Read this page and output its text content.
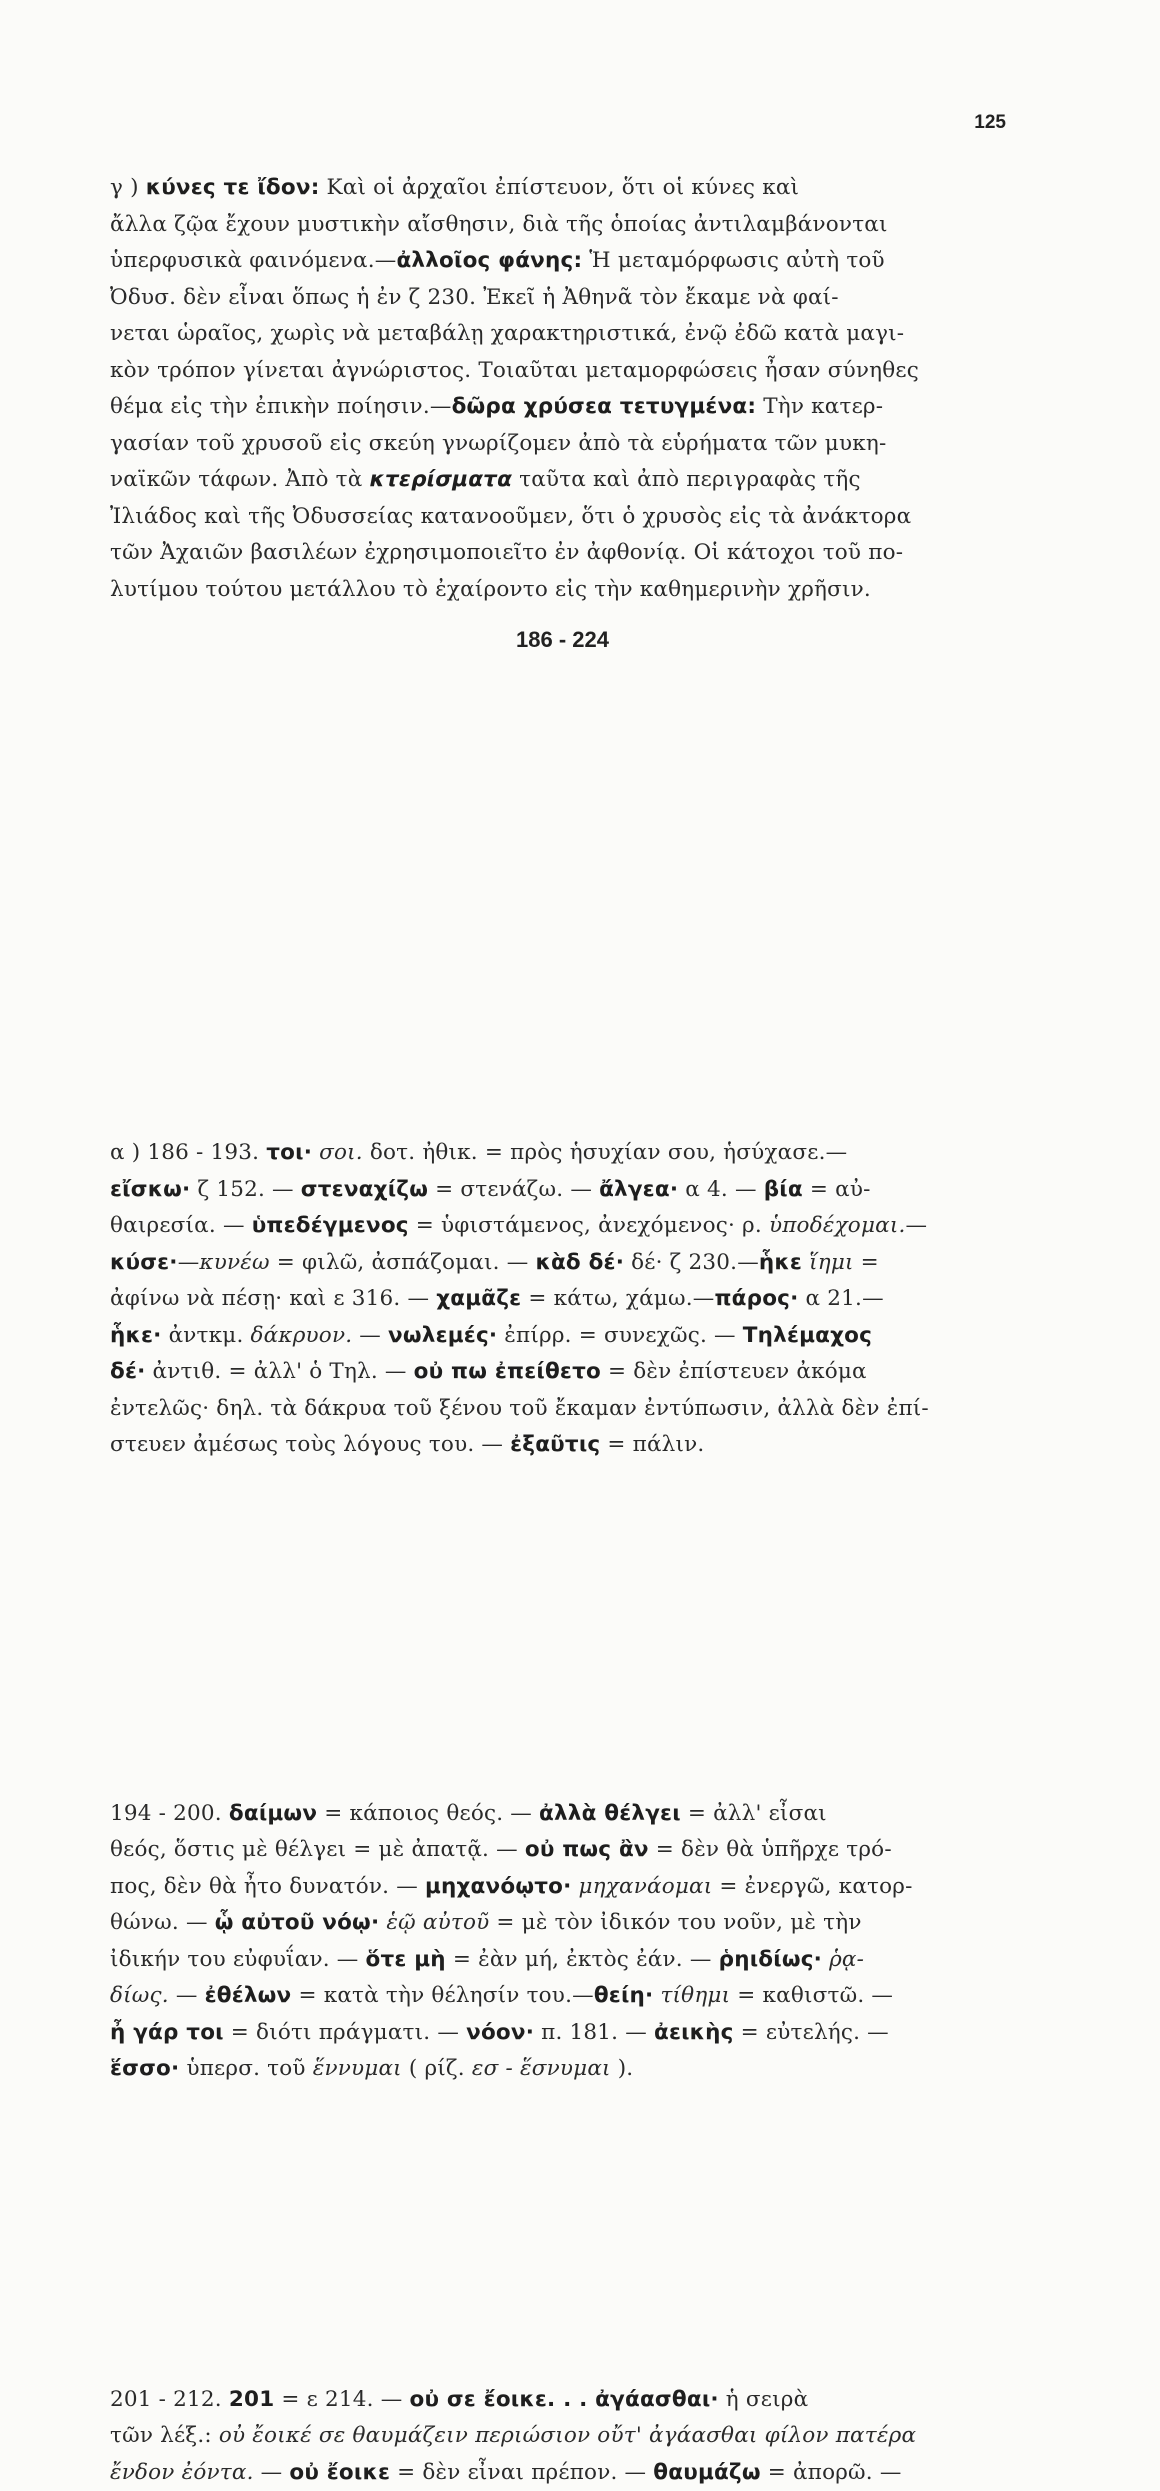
125
186 - 224
γ ) κύνες τε ἴδον: Καὶ οἱ ἀρχαῖοι ἐπίστευον, ὅτι οἱ κύνες καὶ
ἄλλα ζῷα ἔχουν μυστικὴν αἴσθησιν, διὰ τῆς ὁποίας ἀντιλαμβάνονται
ὑπερφυσικὰ φαινόμενα.—ἀλλοῖος φάνης: Ἡ μεταμόρφωσις αὐτὴ τοῦ
Ὀδυσ. δὲν εἶναι ὅπως ἡ ἐν ζ 230. Ἐκεῖ ἡ Ἀθηνᾶ τὸν ἔκαμε νὰ φαί-
νεται ὡραῖος, χωρὶς νὰ μεταβάλῃ χαρακτηριστικά, ἐνῷ ἐδῶ κατὰ μαγι-
κὸν τρόπον γίνεται ἀγνώριστος. Τοιαῦται μεταμορφώσεις ἦσαν σύνηθες
θέμα εἰς τὴν ἐπικὴν ποίησιν.—δῶρα χρύσεα τετυγμένα: Τὴν κατερ-
γασίαν τοῦ χρυσοῦ εἰς σκεύη γνωρίζομεν ἀπὸ τὰ εὑρήματα τῶν μυκη-
ναϊκῶν τάφων. Ἀπὸ τὰ κτερίσματα ταῦτα καὶ ἀπὸ περιγραφὰς τῆς
Ἰλιάδος καὶ τῆς Ὀδυσσείας κατανοοῦμεν, ὅτι ὁ χρυσὸς εἰς τὰ ἀνάκτορα
τῶν Ἀχαιῶν βασιλέων ἐχρησιμοποιεῖτο ἐν ἀφθονίᾳ. Οἱ κάτοχοι τοῦ πο-
λυτίμου τούτου μετάλλου τὸ ἐχαίροντο εἰς τὴν καθημερινὴν χρῆσιν.
α ) 186 - 193. τοι· σοι. δοτ. ἠθικ. = πρὸς ἡσυχίαν σου, ἡσύχασε.—
εἴσκω· ζ 152. — στεναχίζω = στενάζω. — ἄλγεα· α 4. — βία = αὐ-
θαιρεσία. — ὑπεδέγμενος = ὑφιστάμενος, ἀνεχόμενος· ρ. ὑποδέχομαι.—
κύσε·—κυνέω = φιλῶ, ἀσπάζομαι. — κὰδ δέ· δέ· ζ 230.—ἧκε ἵημι =
ἀφίνω νὰ πέσῃ· καὶ ε 316. — χαμᾶζε = κάτω, χάμω.—πάρος· α 21.—
ἧκε· ἀντκμ. δάκρυον. — νωλεμές· ἐπίρρ. = συνεχῶς. — Τηλέμαχος
δέ· ἀντιθ. = ἀλλ' ὁ Τηλ. — οὐ πω ἐπείθετο = δὲν ἐπίστευεν ἀκόμα
ἐντελῶς· δηλ. τὰ δάκρυα τοῦ ξένου τοῦ ἔκαμαν ἐντύπωσιν, ἀλλὰ δὲν ἐπί-
στευεν ἀμέσως τοὺς λόγους του. — ἐξαῦτις = πάλιν.
194 - 200. δαίμων = κάποιος θεός. — ἀλλὰ θέλγει = ἀλλ' εἶσαι
θεός, ὅστις μὲ θέλγει = μὲ ἀπατᾷ. — οὐ πως ἂν = δὲν θὰ ὑπῆρχε τρό-
πος, δὲν θὰ ἦτο δυνατόν. — μηχανόῳτο· μηχανάομαι = ἐνεργῶ, κατορ-
θώνω. — ᾧ αὐτοῦ νόῳ· ἑῷ αὐτοῦ = μὲ τὸν ἰδικόν του νοῦν, μὲ τὴν
ἰδικήν του εὐφυΐαν. — ὅτε μὴ = ἐὰν μή, ἐκτὸς ἐάν. — ῥηιδίως· ῥᾳ-
δίως. — ἐθέλων = κατὰ τὴν θέλησίν του.—θείη· τίθημι = καθιστῶ. —
ἦ γάρ τοι = διότι πράγματι. — νόον· π. 181. — ἀεικὴς = εὐτελής. —
ἕσσο· ὑπερσ. τοῦ ἕννυμαι ( ρίζ. εσ - ἕσνυμαι ).
201 - 212. 201 = ε 214. — οὐ σε ἔοικε. . . ἀγάασθαι· ἡ σειρὰ
τῶν λέξ.: οὐ ἔοικέ σε θαυμάζειν περιώσιον οὔτ' ἀγάασθαι φίλον πατέρα
ἔνδον ἐόντα. — οὐ ἔοικε = δὲν εἶναι πρέπον. — θαυμάζω = ἀπορῶ. —
